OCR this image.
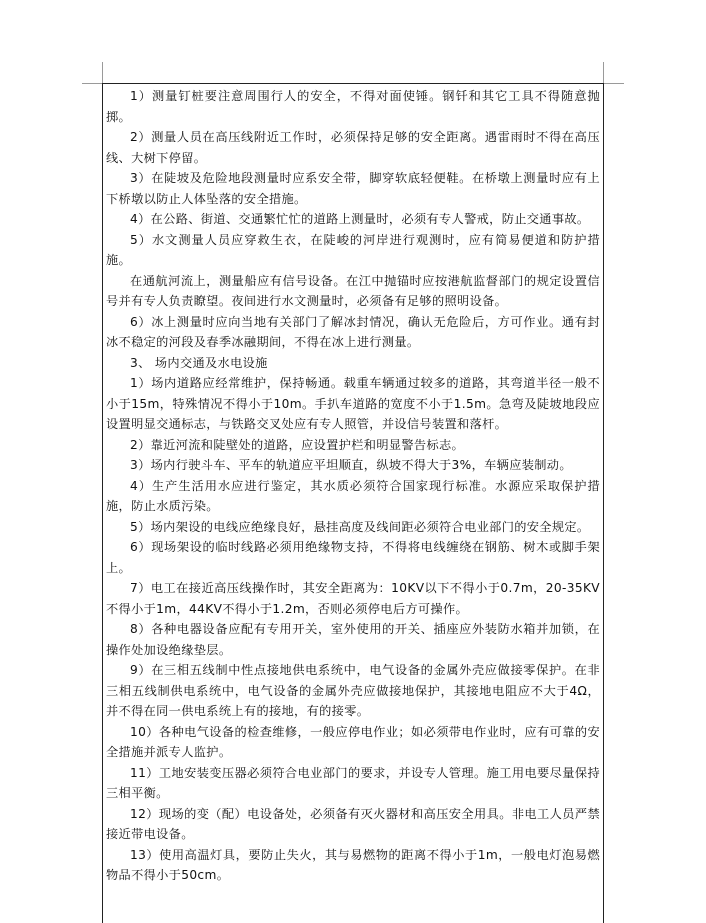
1）测量钉桩要注意周围行人的安全，不得对面使锤。钢钎和其它工具不得随意抛掷。

2）测量人员在高压线附近工作时，必须保持足够的安全距离。遇雷雨时不得在高压线、大树下停留。

3）在陡坡及危险地段测量时应系安全带，脚穿软底轻便鞋。在桥墩上测量时应有上下桥墩以防止人体坠落的安全措施。

4）在公路、街道、交通繁忙忙的道路上测量时，必须有专人警戒，防止交通事故。

5）水文测量人员应穿救生衣，在陡峻的河岸进行观测时，应有简易便道和防护措施。

在通航河流上，测量船应有信号设备。在江中抛锚时应按港航监督部门的规定设置信号并有专人负责瞭望。夜间进行水文测量时，必须备有足够的照明设备。

6）冰上测量时应向当地有关部门了解冰封情况，确认无危险后，方可作业。通有封冰不稳定的河段及春季冰融期间，不得在冰上进行测量。

3、 场内交通及水电设施

1）场内道路应经常维护，保持畅通。载重车辆通过较多的道路，其弯道半径一般不小于15m，特殊情况不得小于10m。手扒车道路的宽度不小于1.5m。急弯及陡坡地段应设置明显交通标志，与铁路交叉处应有专人照管，并设信号装置和落杆。

2）靠近河流和陡壁处的道路，应设置护栏和明显警告标志。

3）场内行驶斗车、平车的轨道应平坦顺直，纵坡不得大于3%，车辆应装制动。

4）生产生活用水应进行鉴定，其水质必须符合国家现行标准。水源应采取保护措施，防止水质污染。

5）场内架设的电线应绝缘良好，悬挂高度及线间距必须符合电业部门的安全规定。

6）现场架设的临时线路必须用绝缘物支持，不得将电线缠绕在钢筋、树木或脚手架上。

7）电工在接近高压线操作时，其安全距离为：10KV以下不得小于0.7m，20-35KV不得小于1m，44KV不得小于1.2m，否则必须停电后方可操作。

8）各种电器设备应配有专用开关，室外使用的开关、插座应外装防水箱并加锁，在操作处加设绝缘垫层。

9）在三相五线制中性点接地供电系统中，电气设备的金属外壳应做接零保护。在非三相五线制供电系统中，电气设备的金属外壳应做接地保护，其接地电阻应不大于4Ω，并不得在同一供电系统上有的接地，有的接零。

10）各种电气设备的检查维修，一般应停电作业；如必须带电作业时，应有可靠的安全措施并派专人监护。

11）工地安装变压器必须符合电业部门的要求，并设专人管理。施工用电要尽量保持三相平衡。

12）现场的变（配）电设备处，必须备有灭火器材和高压安全用具。非电工人员严禁接近带电设备。

13）使用高温灯具，要防止失火，其与易燃物的距离不得小于1m，一般电灯泡易燃物品不得小于50cm。
